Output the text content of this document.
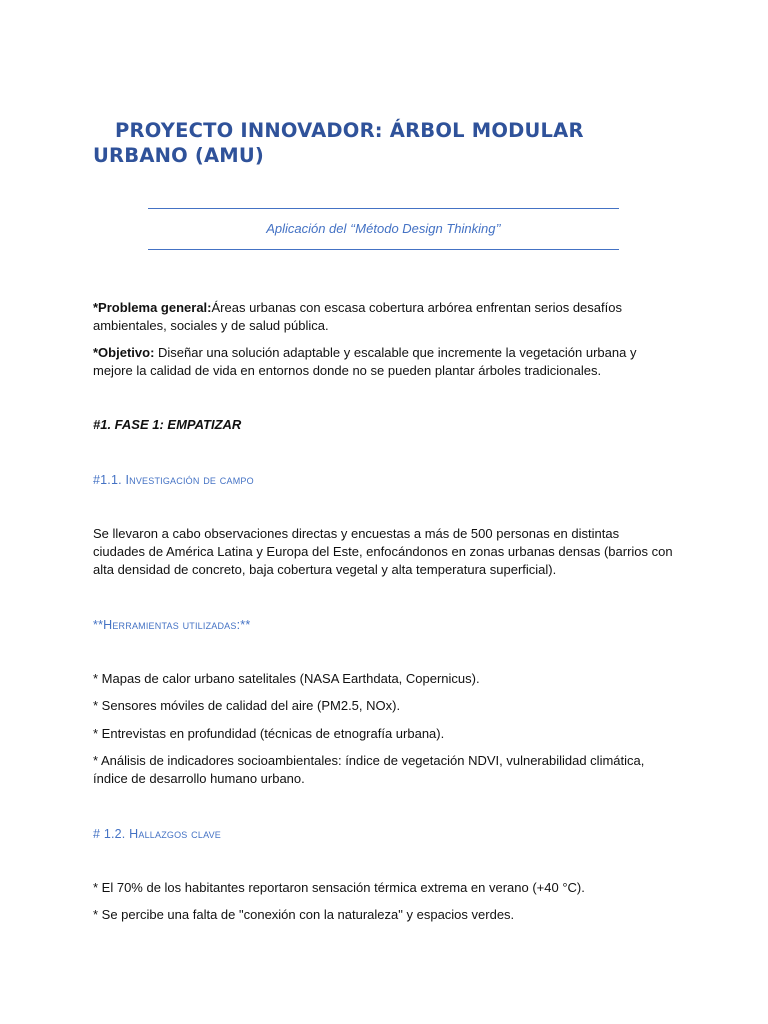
PROYECTO INNOVADOR: ÁRBOL MODULAR URBANO (AMU)
Aplicación del ‘‘Método Design Thinking’’
*Problema general:Áreas urbanas con escasa cobertura arbórea enfrentan serios desafíos ambientales, sociales y de salud pública.
*Objetivo: Diseñar una solución adaptable y escalable que incremente la vegetación urbana y mejore la calidad de vida en entornos donde no se pueden plantar árboles tradicionales.
#1. FASE 1: EMPATIZAR
#1.1. Investigación de campo
Se llevaron a cabo observaciones directas y encuestas a más de 500 personas en distintas ciudades de América Latina y Europa del Este, enfocándonos en zonas urbanas densas (barrios con alta densidad de concreto, baja cobertura vegetal y alta temperatura superficial).
**Herramientas utilizadas:**
* Mapas de calor urbano satelitales (NASA Earthdata, Copernicus).
* Sensores móviles de calidad del aire (PM2.5, NOx).
* Entrevistas en profundidad (técnicas de etnografía urbana).
* Análisis de indicadores socioambientales: índice de vegetación NDVI, vulnerabilidad climática, índice de desarrollo humano urbano.
# 1.2. Hallazgos clave
* El 70% de los habitantes reportaron sensación térmica extrema en verano (+40 °C).
* Se percibe una falta de "conexión con la naturaleza" y espacios verdes.
